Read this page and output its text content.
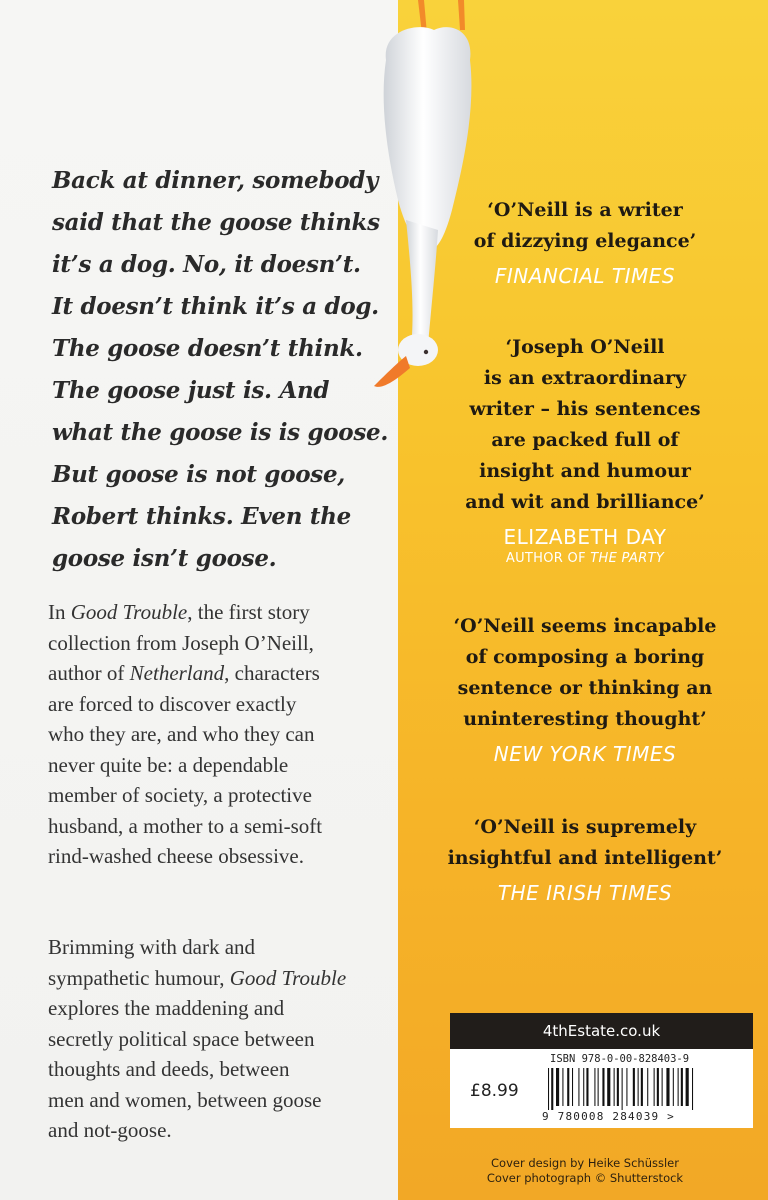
Back at dinner, somebody
said that the goose thinks
it’s a dog. No, it doesn’t.
It doesn’t think it’s a dog.
The goose doesn’t think.
The goose just is. And
what the goose is is goose.
But goose is not goose,
Robert thinks. Even the
goose isn’t goose.

In Good Trouble, the first story
collection from Joseph O’Neill,
author of Netherland, characters
are forced to discover exactly
who they are, and who they can
never quite be: a dependable
member of society, a protective
husband, a mother to a semi-soft
rind-washed cheese obsessive.

Brimming with dark and
sympathetic humour, Good Trouble
explores the maddening and
secretly political space between
thoughts and deeds, between
men and women, between goose
and not-goose.

‘O’Neill is a writer
of dizzying elegance’
FINANCIAL TIMES
‘Joseph O’Neill
is an extraordinary
writer – his sentences
are packed full of
insight and humour
and wit and brilliance’
ELIZABETH DAY
AUTHOR OF THE PARTY
‘O’Neill seems incapable
of composing a boring
sentence or thinking an
uninteresting thought’
NEW YORK TIMES
‘O’Neill is supremely
insightful and intelligent’
THE IRISH TIMES
4thEstate.co.uk
ISBN 978-0-00-828403-9
£8.99
9 780008 284039 >
Cover design by Heike Schüssler
Cover photograph © Shutterstock
